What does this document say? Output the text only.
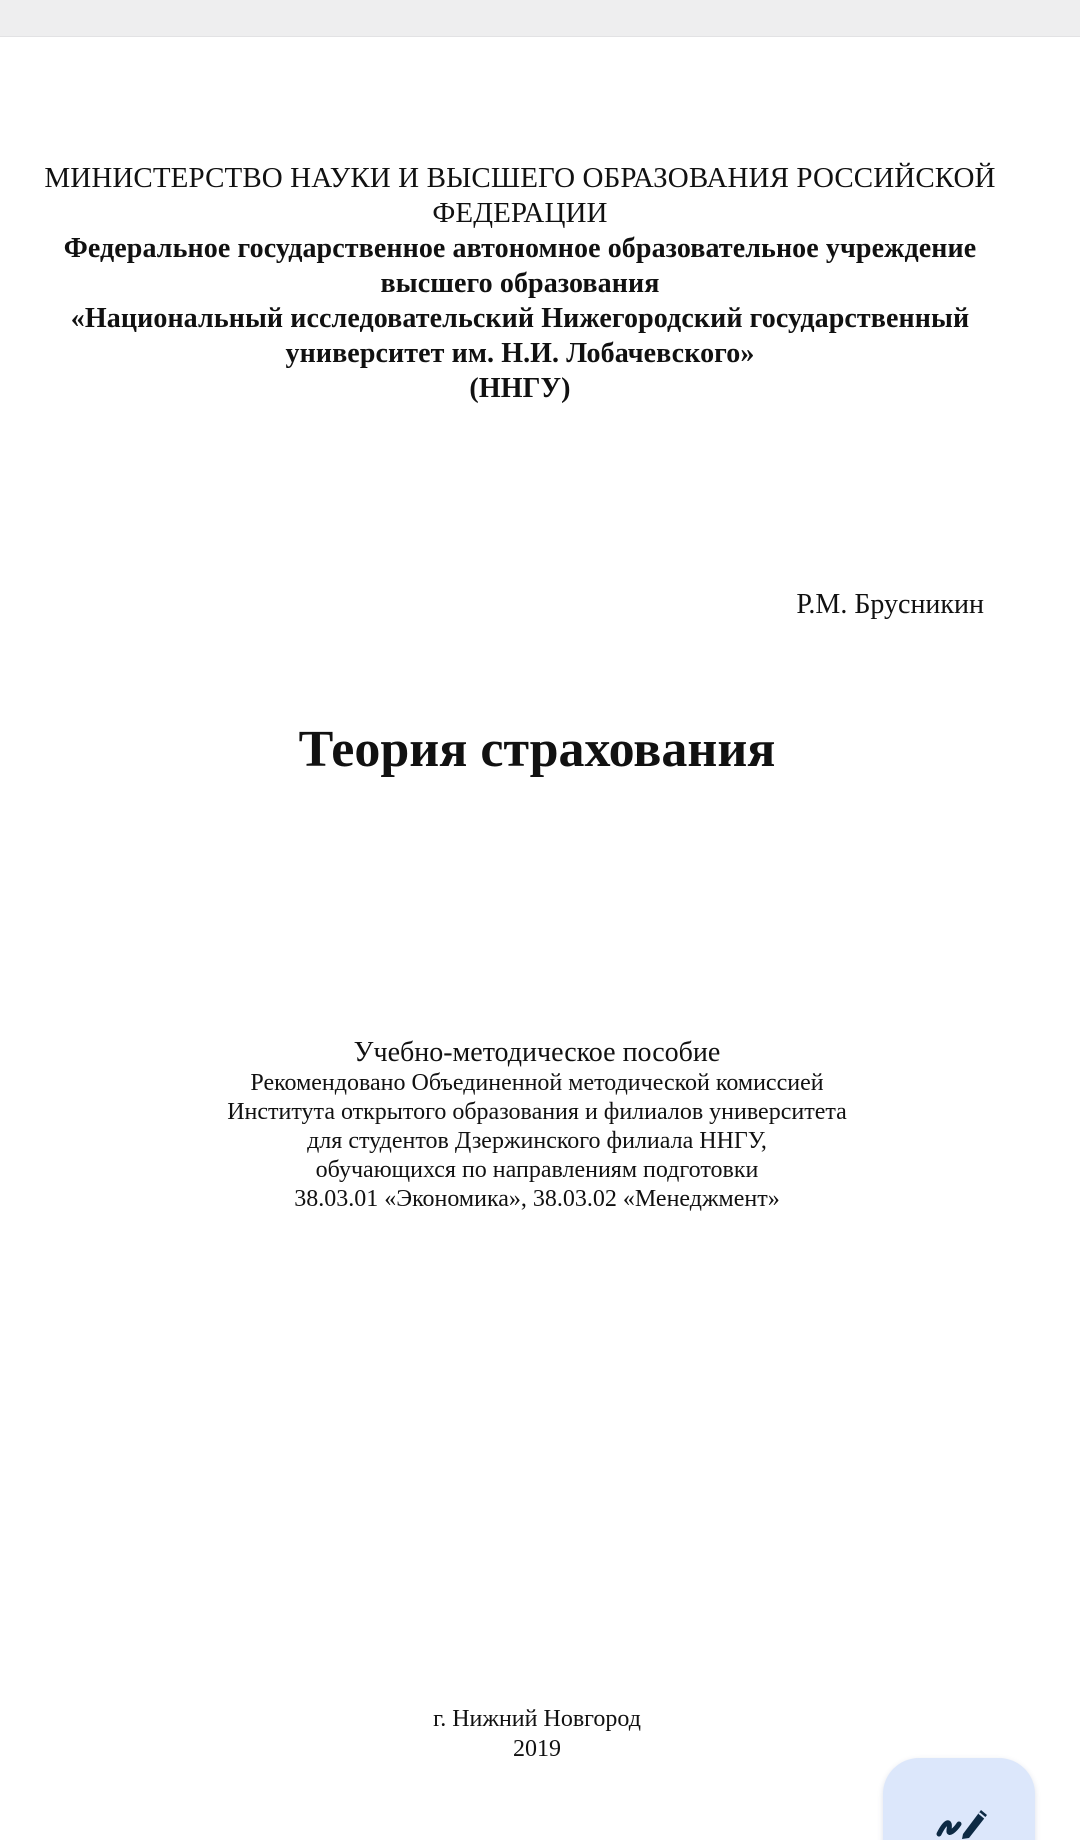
МИНИСТЕРСТВО НАУКИ И ВЫСШЕГО ОБРАЗОВАНИЯ РОССИЙСКОЙ
ФЕДЕРАЦИИ
Федеральное государственное автономное образовательное учреждение
высшего образования
«Национальный исследовательский Нижегородский государственный
университет им. Н.И. Лобачевского»
(ННГУ)
Р.М. Брусникин
Теория страхования
Учебно-методическое пособие
Рекомендовано Объединенной методической комиссией
Института открытого образования и филиалов университета
для студентов Дзержинского филиала ННГУ,
обучающихся по направлениям подготовки
38.03.01 «Экономика», 38.03.02 «Менеджмент»
г. Нижний Новгород
2019
